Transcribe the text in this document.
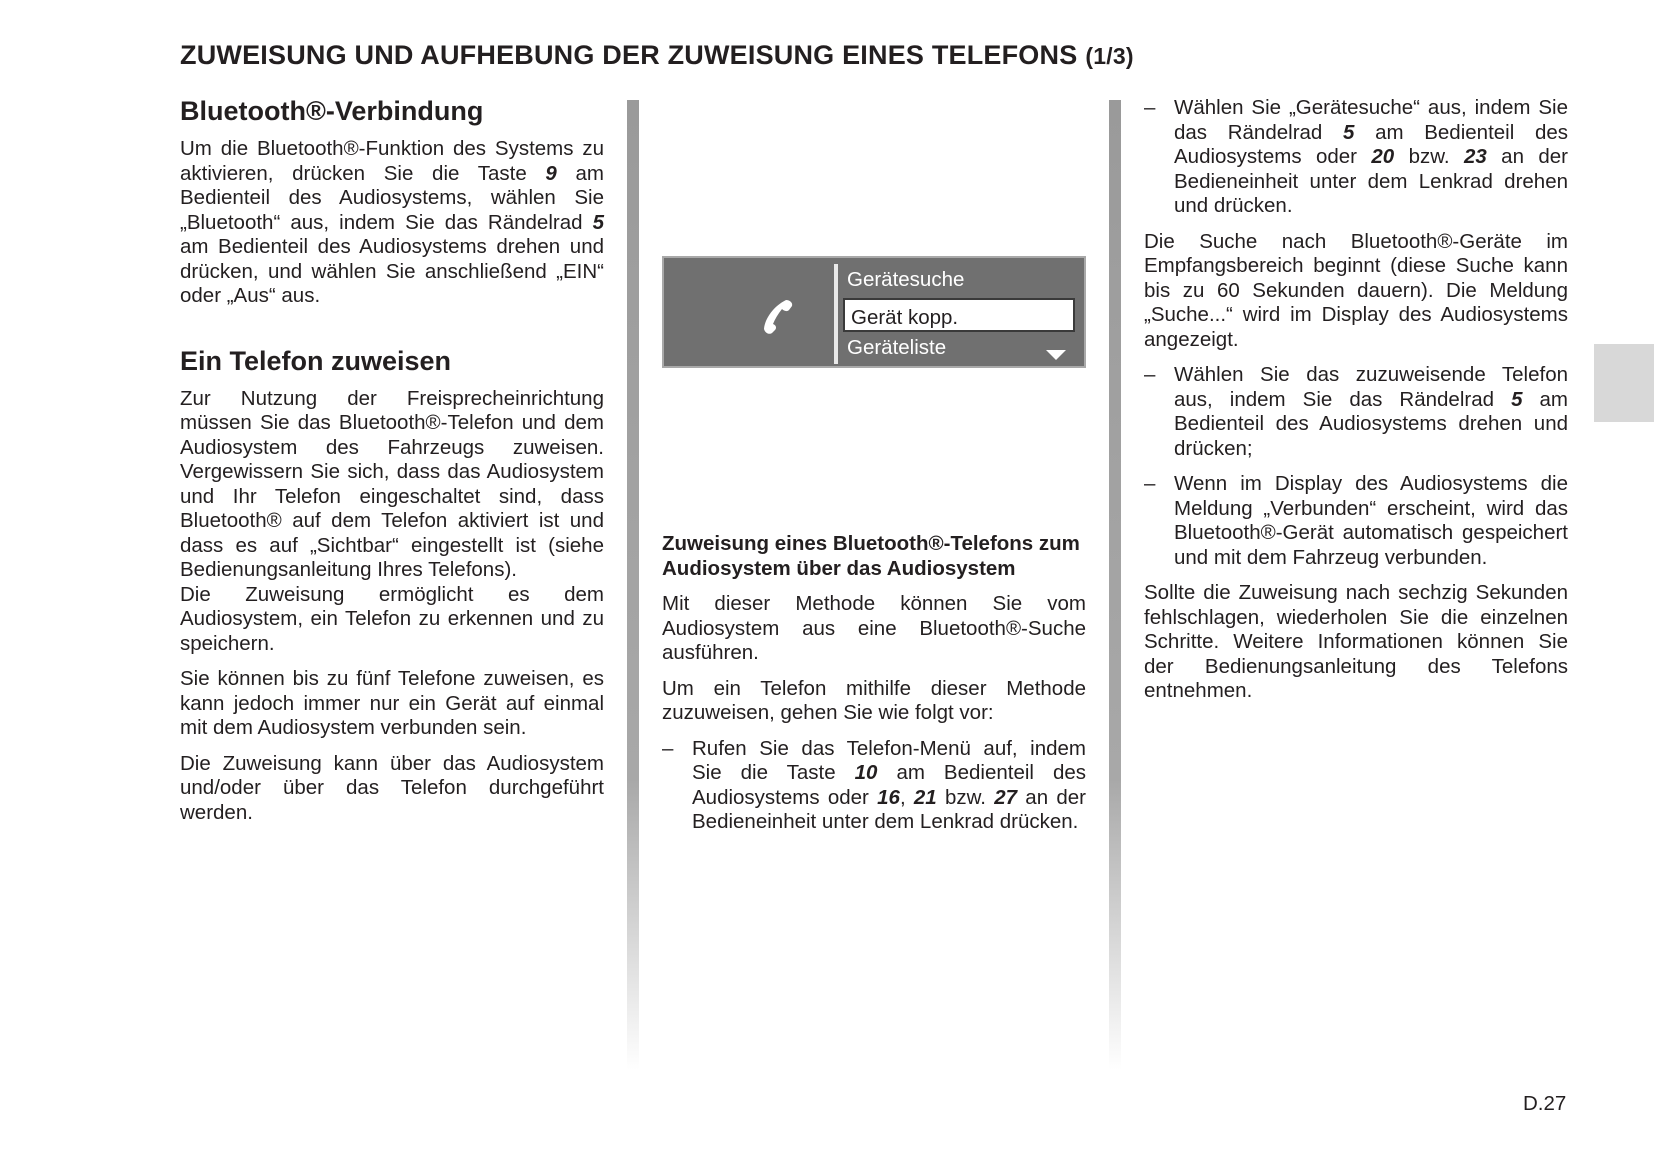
ZUWEISUNG UND AUFHEBUNG DER ZUWEISUNG EINES TELEFONS (1/3)
Bluetooth®-Verbindung

Um die Bluetooth®-Funktion des Systems zu aktivieren, drücken Sie die Taste 9 am Bedienteil des Audiosystems, wählen Sie „Bluetooth“ aus, indem Sie das Rändelrad 5 am Bedienteil des Audiosystems drehen und drücken, und wählen Sie anschließend „EIN“ oder „Aus“ aus.

Ein Telefon zuweisen

Zur Nutzung der Freisprecheinrichtung müssen Sie das Bluetooth®-Telefon und dem Audiosystem des Fahrzeugs zuweisen. Vergewissern Sie sich, dass das Audiosystem und Ihr Telefon eingeschaltet sind, dass Bluetooth® auf dem Telefon aktiviert ist und dass es auf „Sichtbar“ eingestellt ist (siehe Bedienungsanleitung Ihres Telefons).

Die Zuweisung ermöglicht es dem Audiosystem, ein Telefon zu erkennen und zu speichern.

Sie können bis zu fünf Telefone zuweisen, es kann jedoch immer nur ein Gerät auf einmal mit dem Audiosystem verbunden sein.

Die Zuweisung kann über das Audiosystem und/oder über das Telefon durchgeführt werden.

Gerätesuche
Gerät kopp.
Geräteliste
Zuweisung eines Bluetooth®-Telefons zum Audiosystem über das Audiosystem

Mit dieser Methode können Sie vom Audiosystem aus eine Bluetooth®-Suche ausführen.

Um ein Telefon mithilfe dieser Methode zuzuweisen, gehen Sie wie folgt vor:

– Rufen Sie das Telefon-Menü auf, indem Sie die Taste 10 am Bedienteil des Audiosystems oder 16, 21 bzw. 27 an der Bedieneinheit unter dem Lenkrad drücken.
– Wählen Sie „Gerätesuche“ aus, indem Sie das Rändelrad 5 am Bedienteil des Audiosystems oder 20 bzw. 23 an der Bedieneinheit unter dem Lenkrad drehen und drücken.

Die Suche nach Bluetooth®-Geräte im Empfangsbereich beginnt (diese Suche kann bis zu 60 Sekunden dauern). Die Meldung „Suche...“ wird im Display des Audiosystems angezeigt.

– Wählen Sie das zuzuweisende Telefon aus, indem Sie das Rändelrad 5 am Bedienteil des Audiosystems drehen und drücken;
– Wenn im Display des Audiosystems die Meldung „Verbunden“ erscheint, wird das Bluetooth®-Gerät automatisch gespeichert und mit dem Fahrzeug verbunden.

Sollte die Zuweisung nach sechzig Sekunden fehlschlagen, wiederholen Sie die einzelnen Schritte. Weitere Informationen können Sie der Bedienungsanleitung des Telefons entnehmen.

D.27
